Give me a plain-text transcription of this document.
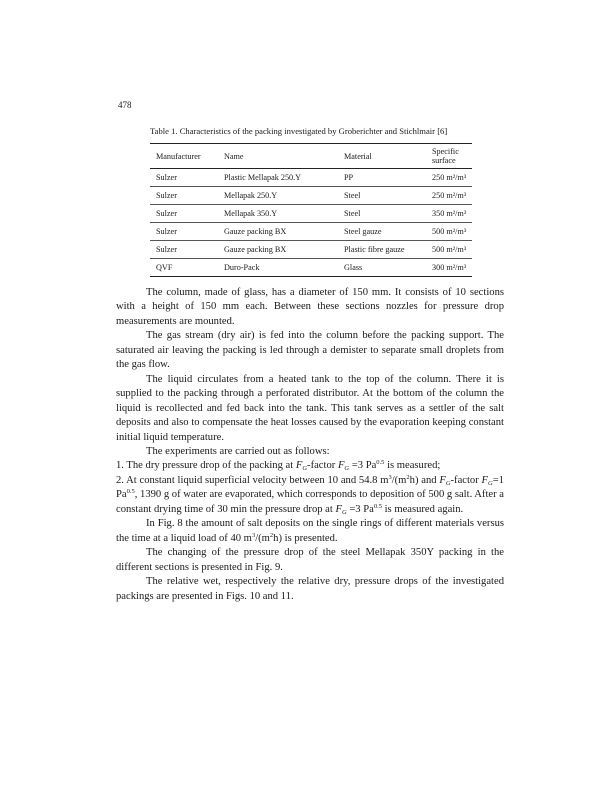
478
Table 1. Characteristics of the packing investigated by Groberichter and Stichlmair [6]
Manufacturer	Name	Material	Specific surface
Sulzer	Plastic Mellapak 250.Y	PP	250 m²/m³
Sulzer	Mellapak 250.Y	Steel	250 m²/m³
Sulzer	Mellapak 350.Y	Steel	350 m²/m³
Sulzer	Gauze packing BX	Steel gauze	500 m²/m³
Sulzer	Gauze packing BX	Plastic fibre gauze	500 m²/m³
QVF	Duro-Pack	Glass	300 m²/m³

The column, made of glass, has a diameter of 150 mm. It consists of 10 sections with a height of 150 mm each. Between these sections nozzles for pressure drop measurements are mounted.

The gas stream (dry air) is fed into the column before the packing support. The saturated air leaving the packing is led through a demister to separate small droplets from the gas flow.

The liquid circulates from a heated tank to the top of the column. There it is supplied to the packing through a perforated distributor. At the bottom of the column the liquid is recollected and fed back into the tank. This tank serves as a settler of the salt deposits and also to compensate the heat losses caused by the evaporation keeping constant initial liquid temperature.

The experiments are carried out as follows:

1. The dry pressure drop of the packing at $F_G$-factor $F_G =3$ $Pa^{0.5}$ is measured;

2. At constant liquid superficial velocity between 10 and 54.8 $m^3/(m^2h)$ and $F_G$-factor $F_G=1$ $Pa^{0.5}$, 1390 g of water are evaporated, which corresponds to deposition of 500 g salt. After a constant drying time of 30 min the pressure drop at $F_G =3$ $Pa^{0.5}$ is measured again.

In Fig. 8 the amount of salt deposits on the single rings of different materials versus the time at a liquid load of 40 $m^3/(m^2h)$ is presented.

The changing of the pressure drop of the steel Mellapak 350Y packing in the different sections is presented in Fig. 9.

The relative wet, respectively the relative dry, pressure drops of the investigated packings are presented in Figs. 10 and 11.
